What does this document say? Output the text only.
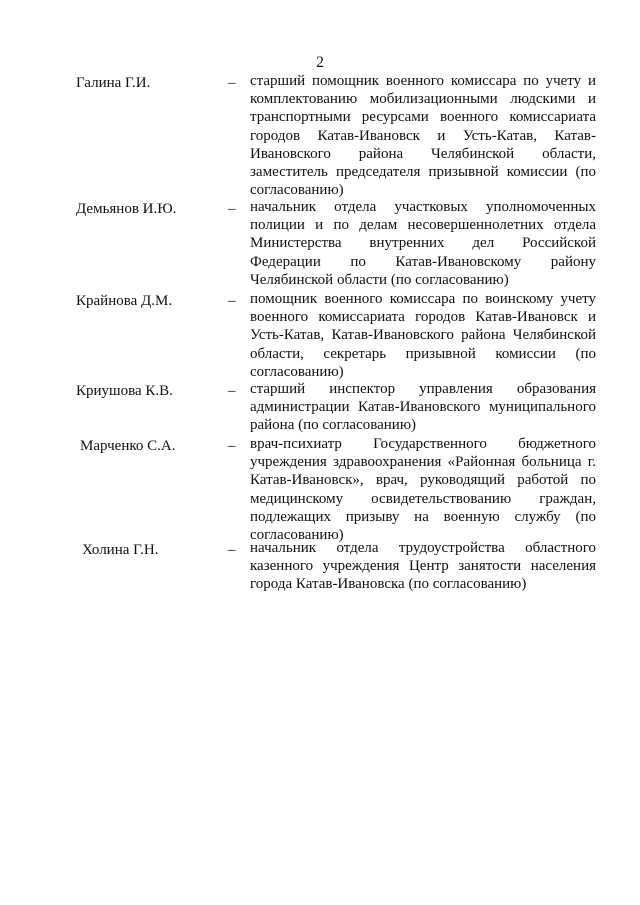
2
Галина Г.И.	– старший помощник военного комиссара по учету и комплектованию мобилизационными людскими и транспортными ресурсами военного комиссариата городов Катав-Ивановск и Усть-Катав, Катав-Ивановского района Челябинской области, заместитель председателя призывной комиссии (по согласованию)
Демьянов И.Ю.	– начальник отдела участковых уполномоченных полиции и по делам несовершеннолетних отдела Министерства внутренних дел Российской Федерации по Катав-Ивановскому району Челябинской области (по согласованию)
Крайнова Д.М.	– помощник военного комиссара по воинскому учету военного комиссариата городов Катав-Ивановск и Усть-Катав, Катав-Ивановского района Челябинской области, секретарь призывной комиссии (по согласованию)
Криушова К.В.	– старший инспектор управления образования администрации Катав-Ивановского муниципального района (по согласованию)
Марченко С.А.	– врач-психиатр Государственного бюджетного учреждения здравоохранения «Районная больница г. Катав-Ивановск», врач, руководящий работой по медицинскому освидетельствованию граждан, подлежащих призыву на военную службу (по согласованию)
Холина Г.Н.	– начальник отдела трудоустройства областного казенного учреждения Центр занятости населения города Катав-Ивановска (по согласованию)
